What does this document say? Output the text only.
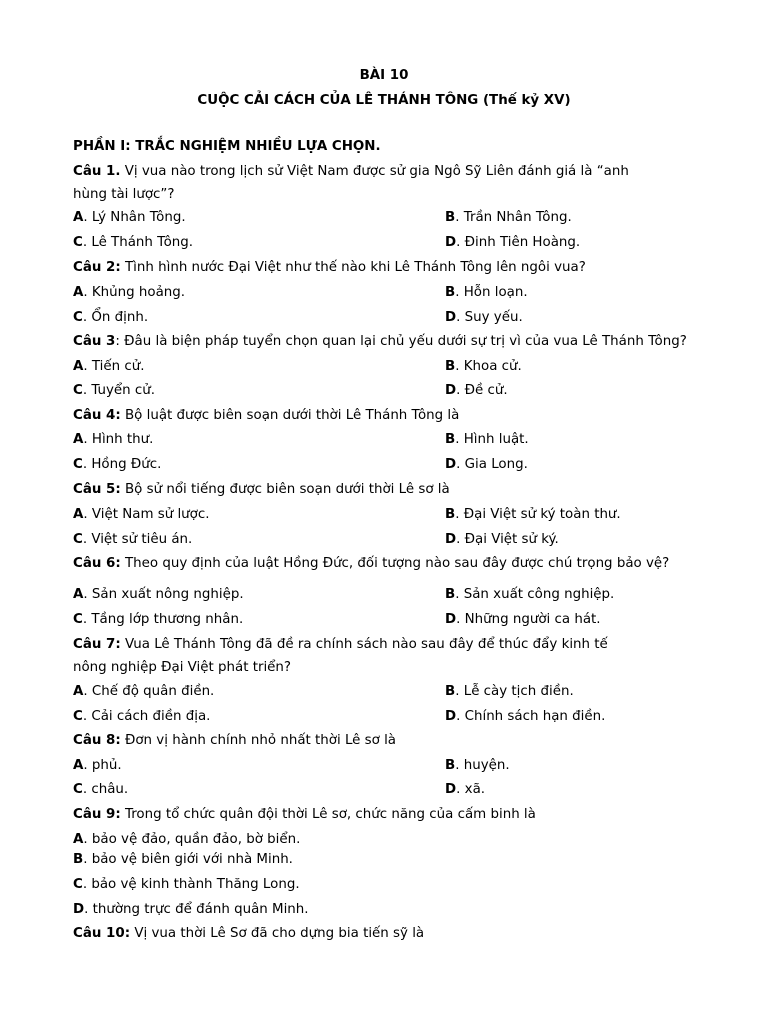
BÀI 10
CUỘC CẢI CÁCH CỦA LÊ THÁNH TÔNG (Thế kỷ XV)
PHẦN I: TRẮC NGHIỆM NHIỀU LỰA CHỌN.
Câu 1. Vị vua nào trong lịch sử Việt Nam được sử gia Ngô Sỹ Liên đánh giá là “anh
hùng tài lược”?
A. Lý Nhân Tông.	B. Trần Nhân Tông.
C. Lê Thánh Tông.	D. Đinh Tiên Hoàng.
Câu 2: Tình hình nước Đại Việt như thế nào khi Lê Thánh Tông lên ngôi vua?
A. Khủng hoảng.	B. Hỗn loạn.
C. Ổn định.	D. Suy yếu.
Câu 3: Đâu là biện pháp tuyển chọn quan lại chủ yếu dưới sự trị vì của vua Lê Thánh Tông?
A. Tiến cử.	B. Khoa cử.
C. Tuyển cử.	D. Đề cử.
Câu 4: Bộ luật được biên soạn dưới thời Lê Thánh Tông là
A. Hình thư.	B. Hình luật.
C. Hồng Đức.	D. Gia Long.
Câu 5: Bộ sử nổi tiếng được biên soạn dưới thời Lê sơ là
A. Việt Nam sử lược.	B. Đại Việt sử ký toàn thư.
C. Việt sử tiêu án.	D. Đại Việt sử ký.
Câu 6: Theo quy định của luật Hồng Đức, đối tượng nào sau đây được chú trọng bảo vệ?
A. Sản xuất nông nghiệp.	B. Sản xuất công nghiệp.
C. Tầng lớp thương nhân.	D. Những người ca hát.
Câu 7: Vua Lê Thánh Tông đã đề ra chính sách nào sau đây để thúc đẩy kinh tế
nông nghiệp Đại Việt phát triển?
A. Chế độ quân điền.	B. Lễ cày tịch điền.
C. Cải cách điền địa.	D. Chính sách hạn điền.
Câu 8: Đơn vị hành chính nhỏ nhất thời Lê sơ là
A. phủ.	B. huyện.
C. châu.	D. xã.
Câu 9: Trong tổ chức quân đội thời Lê sơ, chức năng của cấm binh là
A. bảo vệ đảo, quần đảo, bờ biển.
B. bảo vệ biên giới với nhà Minh.
C. bảo vệ kinh thành Thăng Long.
D. thường trực để đánh quân Minh.
Câu 10: Vị vua thời Lê Sơ đã cho dựng bia tiến sỹ là
